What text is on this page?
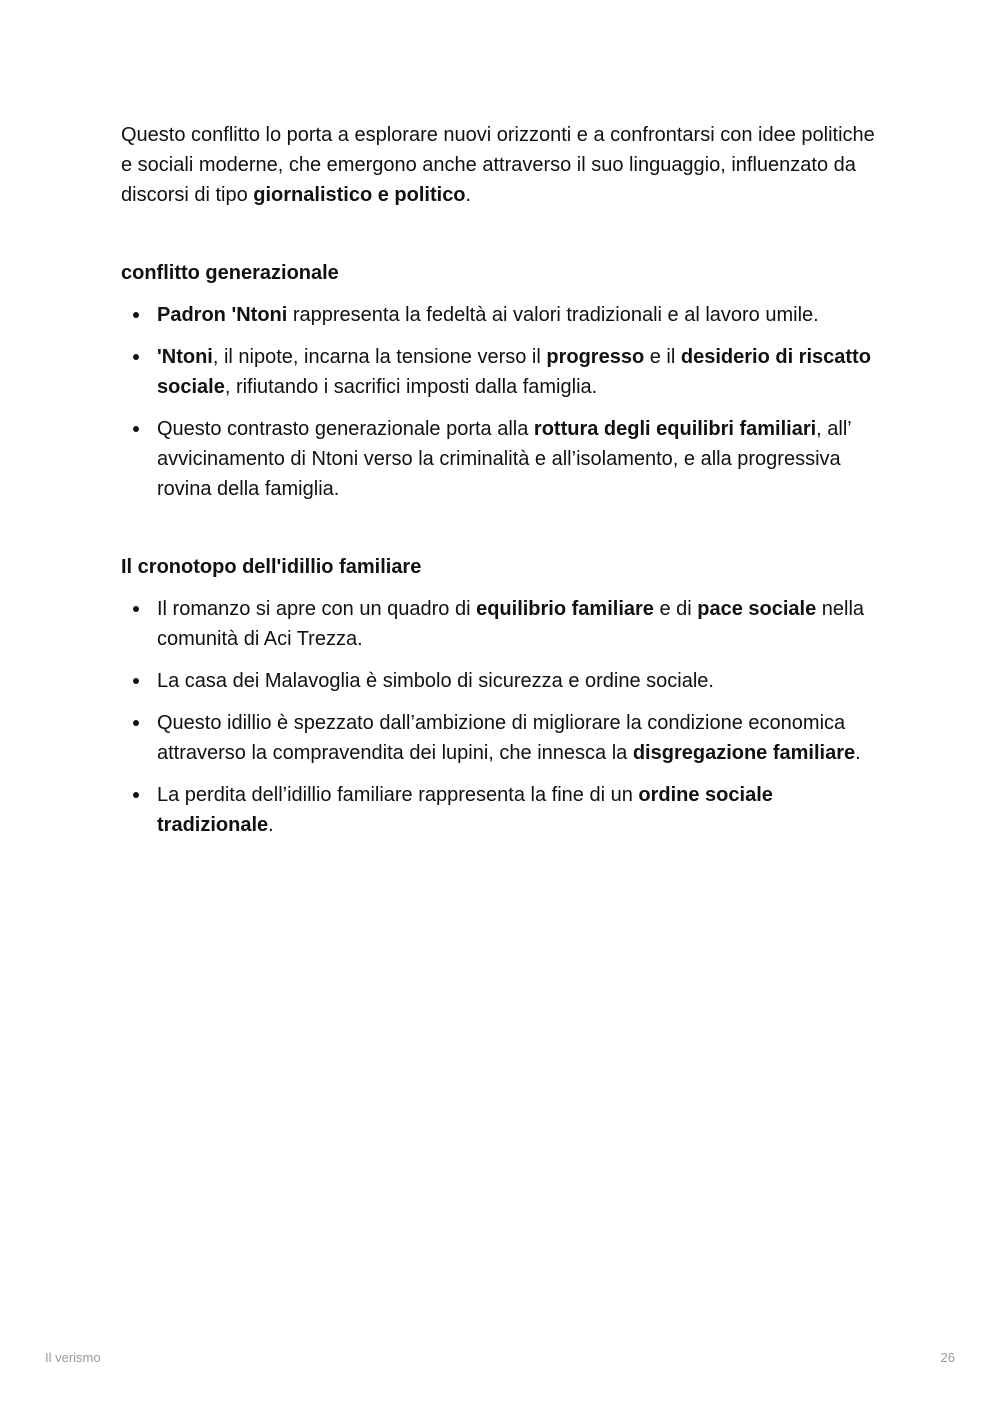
Questo conflitto lo porta a esplorare nuovi orizzonti e a confrontarsi con idee politiche e sociali moderne, che emergono anche attraverso il suo linguaggio, influenzato da discorsi di tipo giornalistico e politico.

conflitto generazionale
Padron 'Ntoni rappresenta la fedeltà ai valori tradizionali e al lavoro umile.
'Ntoni, il nipote, incarna la tensione verso il progresso e il desiderio di riscatto sociale, rifiutando i sacrifici imposti dalla famiglia.
Questo contrasto generazionale porta alla rottura degli equilibri familiari, all’ avvicinamento di Ntoni verso la criminalità e all’isolamento, e alla progressiva rovina della famiglia.
Il cronotopo dell'idillio familiare
Il romanzo si apre con un quadro di equilibrio familiare e di pace sociale nella comunità di Aci Trezza.
La casa dei Malavoglia è simbolo di sicurezza e ordine sociale.
Questo idillio è spezzato dall’ambizione di migliorare la condizione economica attraverso la compravendita dei lupini, che innesca la disgregazione familiare.
La perdita dell’idillio familiare rappresenta la fine di un ordine sociale tradizionale.
Il verismo	26
